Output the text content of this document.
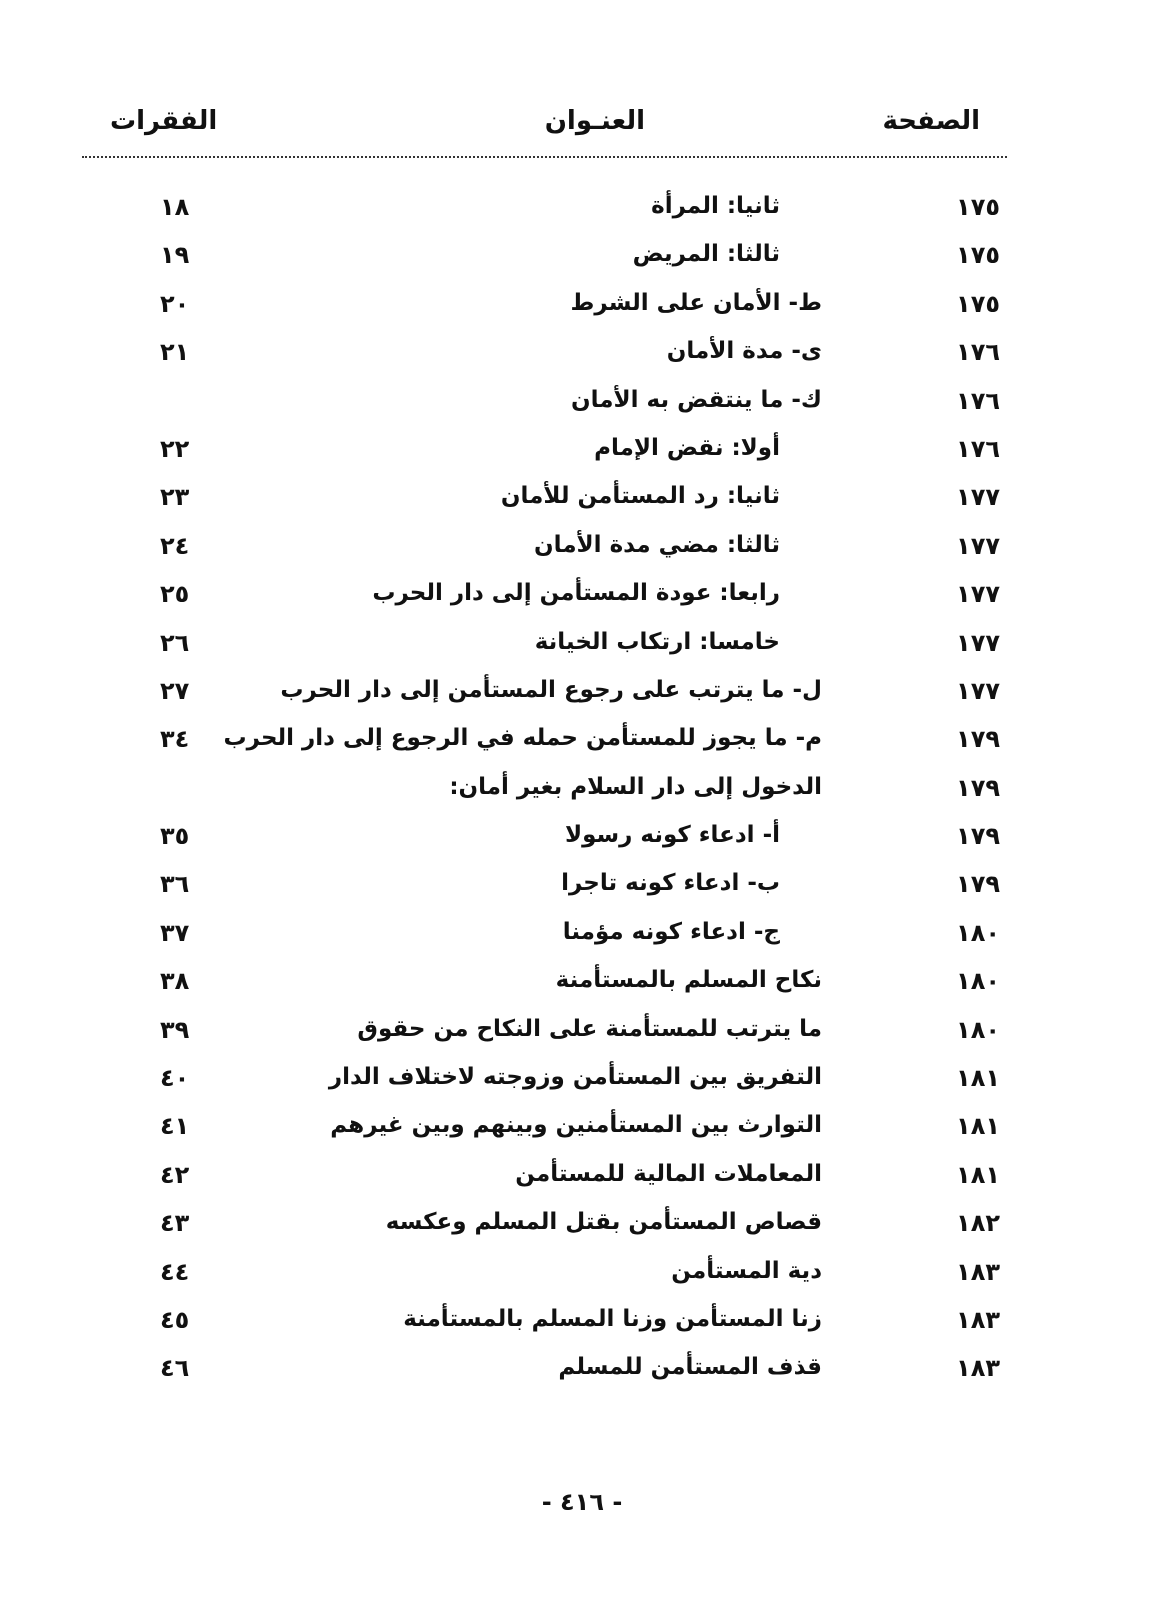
الصفحة
العنـوان
الفقرات
١٧٥
ثانيا: المرأة
١٨
١٧٥
ثالثا: المريض
١٩
١٧٥
ط- الأمان على الشرط
٢٠
١٧٦
ى- مدة الأمان
٢١
١٧٦
ك- ما ينتقض به الأمان
١٧٦
أولا: نقض الإمام
٢٢
١٧٧
ثانيا: رد المستأمن للأمان
٢٣
١٧٧
ثالثا: مضي مدة الأمان
٢٤
١٧٧
رابعا: عودة المستأمن إلى دار الحرب
٢٥
١٧٧
خامسا: ارتكاب الخيانة
٢٦
١٧٧
ل- ما يترتب على رجوع المستأمن إلى دار الحرب
٢٧
١٧٩
م- ما يجوز للمستأمن حمله في الرجوع إلى دار الحرب
٣٤
١٧٩
الدخول إلى دار السلام بغير أمان:
١٧٩
أ- ادعاء كونه رسولا
٣٥
١٧٩
ب- ادعاء كونه تاجرا
٣٦
١٨٠
ج- ادعاء كونه مؤمنا
٣٧
١٨٠
نكاح المسلم بالمستأمنة
٣٨
١٨٠
ما يترتب للمستأمنة على النكاح من حقوق
٣٩
١٨١
التفريق بين المستأمن وزوجته لاختلاف الدار
٤٠
١٨١
التوارث بين المستأمنين وبينهم وبين غيرهم
٤١
١٨١
المعاملات المالية للمستأمن
٤٢
١٨٢
قصاص المستأمن بقتل المسلم وعكسه
٤٣
١٨٣
دية المستأمن
٤٤
١٨٣
زنا المستأمن وزنا المسلم بالمستأمنة
٤٥
١٨٣
قذف المستأمن للمسلم
٤٦
- ٤١٦ -
